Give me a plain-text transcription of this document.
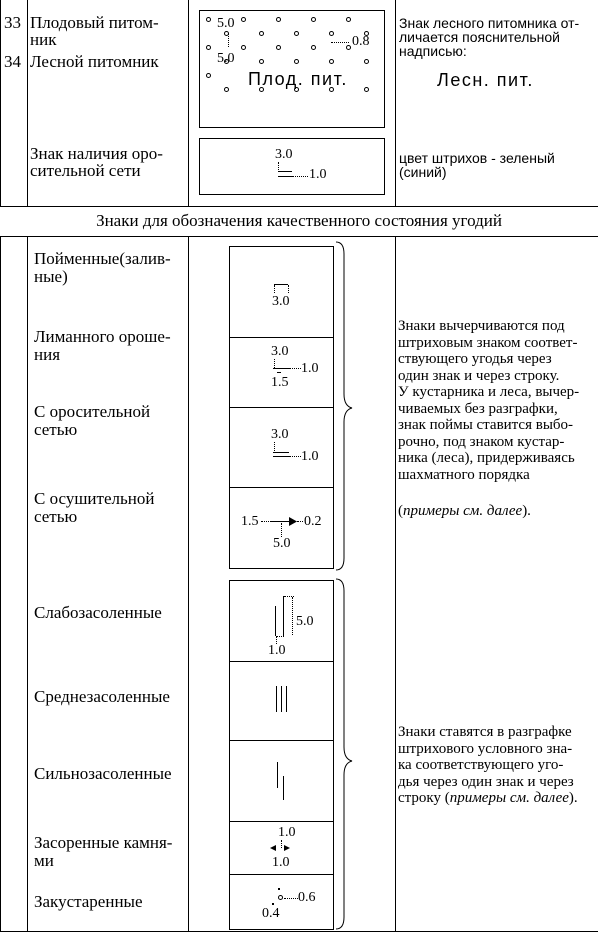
33 Плодовый питом-
ник
34 Лесной питомник
5.0
5.0
0.8
Плод. пит.
Знак лесного питомника от-
личается пояснительной
надписью:
Лесн. пит.
Знак наличия оро-
сительной сети
3.0
1.0
цвет штрихов - зеленый
(синий)
Знаки для обозначения качественного состояния угодий
Пойменные(залив-
ные)
Лиманного ороше-
ния
С оросительной
сетью
С осушительной
сетью
3.0
3.0
1.0
1.5
3.0
1.0
1.5	0.2
5.0
Знаки вычерчиваются под
штриховым знаком соответ-
ствующего угодья через
один знак и через строку.
У кустарника и леса, вычер-
чиваемых без разграфки,
знак поймы ставится выбо-
рочно, под знаком кустар-
ника (леса), придерживаясь
шахматного порядка
(примеры см. далее).
Слабозасоленные
Среднезасоленные
Сильнозасоленные
Засоренные камня-
ми
Закустаренные
5.0
1.0
1.0
1.0
0.6
0.4
Знаки ставятся в разграфке
штрихового условного зна-
ка соответствующего уго-
дья через один знак и через
строку (примеры см. далее).
